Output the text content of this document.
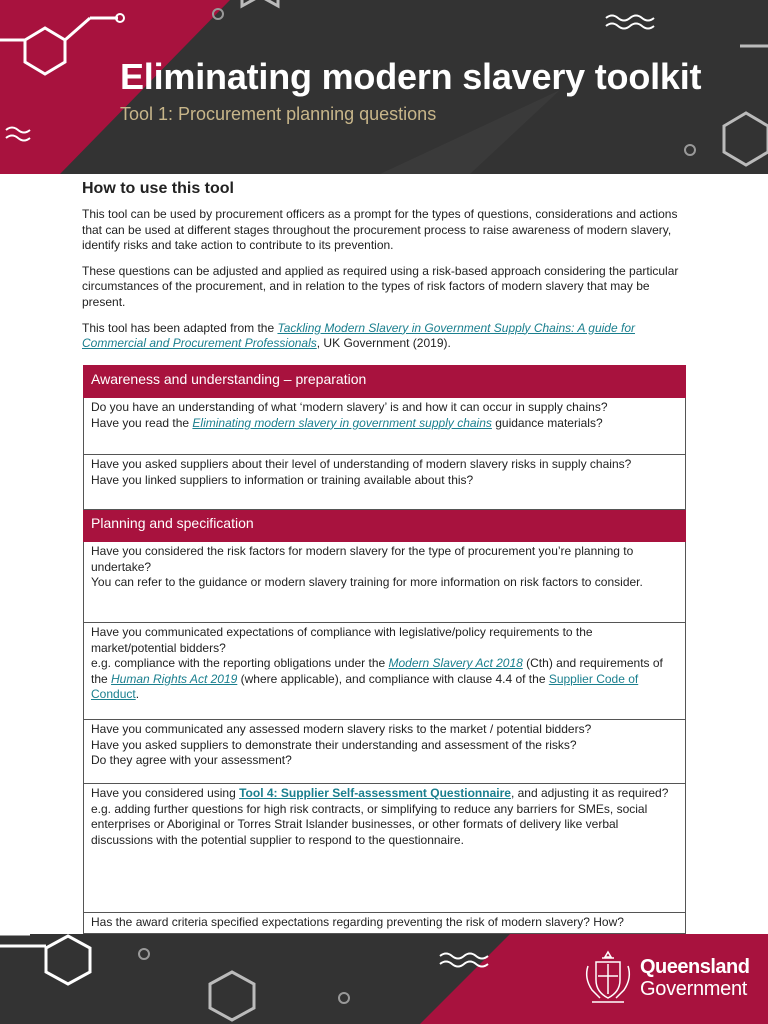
Eliminating modern slavery toolkit
Tool 1: Procurement planning questions
How to use this tool

This tool can be used by procurement officers as a prompt for the types of questions, considerations and actions that can be used at different stages throughout the procurement process to raise awareness of modern slavery, identify risks and take action to contribute to its prevention.

These questions can be adjusted and applied as required using a risk-based approach considering the particular circumstances of the procurement, and in relation to the types of risk factors of modern slavery that may be present.

This tool has been adapted from the Tackling Modern Slavery in Government Supply Chains: A guide for Commercial and Procurement Professionals, UK Government (2019).

Awareness and understanding – preparation

Do you have an understanding of what ‘modern slavery’ is and how it can occur in supply chains?
Have you read the Eliminating modern slavery in government supply chains guidance materials?

Have you asked suppliers about their level of understanding of modern slavery risks in supply chains?
Have you linked suppliers to information or training available about this?

Planning and specification

Have you considered the risk factors for modern slavery for the type of procurement you’re planning to undertake?
You can refer to the guidance or modern slavery training for more information on risk factors to consider.

Have you communicated expectations of compliance with legislative/policy requirements to the market/potential bidders?
e.g. compliance with the reporting obligations under the Modern Slavery Act 2018 (Cth) and requirements of the Human Rights Act 2019 (where applicable), and compliance with clause 4.4 of the Supplier Code of Conduct.

Have you communicated any assessed modern slavery risks to the market / potential bidders?
Have you asked suppliers to demonstrate their understanding and assessment of the risks?
Do they agree with your assessment?

Have you considered using Tool 4: Supplier Self-assessment Questionnaire, and adjusting it as required?
e.g. adding further questions for high risk contracts, or simplifying to reduce any barriers for SMEs, social enterprises or Aboriginal or Torres Strait Islander businesses, or other formats of delivery like verbal discussions with the potential supplier to respond to the questionnaire.

Has the award criteria specified expectations regarding preventing the risk of modern slavery? How?
Queensland
Government
